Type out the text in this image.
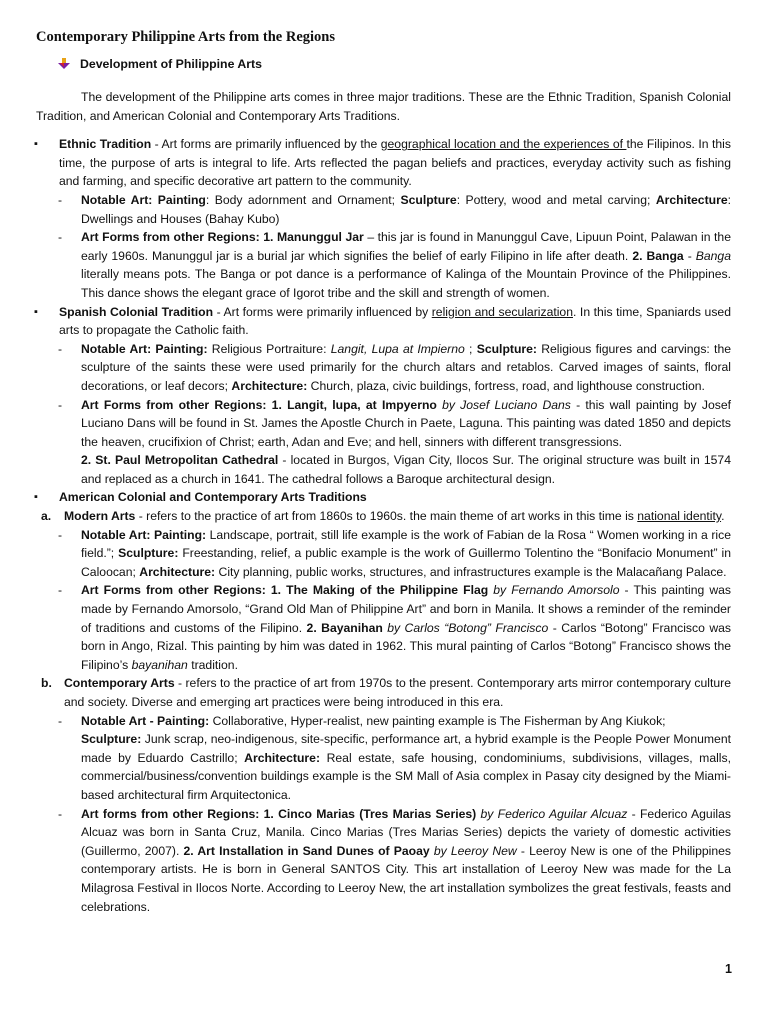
Contemporary Philippine Arts from the Regions
Development of Philippine Arts

The development of the Philippine arts comes in three major traditions. These are the Ethnic Tradition, Spanish Colonial Tradition, and American Colonial and Contemporary Arts Traditions.

▪ Ethnic Tradition - Art forms are primarily influenced by the geographical location and the experiences of the Filipinos. In this time, the purpose of arts is integral to life. Arts reflected the pagan beliefs and practices, everyday activity such as fishing and farming, and specific decorative art pattern to the community.

- Notable Art: Painting: Body adornment and Ornament; Sculpture: Pottery, wood and metal carving; Architecture: Dwellings and Houses (Bahay Kubo)

- Art Forms from other Regions: 1. Manunggul Jar – this jar is found in Manunggul Cave, Lipuun Point, Palawan in the early 1960s. Manunggul jar is a burial jar which signifies the belief of early Filipino in life after death. 2. Banga - Banga literally means pots. The Banga or pot dance is a performance of Kalinga of the Mountain Province of the Philippines. This dance shows the elegant grace of Igorot tribe and the skill and strength of women.

▪ Spanish Colonial Tradition - Art forms were primarily influenced by religion and secularization. In this time, Spaniards used arts to propagate the Catholic faith.

- Notable Art: Painting: Religious Portraiture: Langit, Lupa at Impierno ; Sculpture: Religious figures and carvings: the sculpture of the saints these were used primarily for the church altars and retablos. Carved images of saints, floral decorations, or leaf decors; Architecture: Church, plaza, civic buildings, fortress, road, and lighthouse construction.

- Art Forms from other Regions: 1. Langit, lupa, at Impyerno by Josef Luciano Dans - this wall painting by Josef Luciano Dans will be found in St. James the Apostle Church in Paete, Laguna. This painting was dated 1850 and depicts the heaven, crucifixion of Christ; earth, Adan and Eve; and hell, sinners with different transgressions.

2. St. Paul Metropolitan Cathedral - located in Burgos, Vigan City, Ilocos Sur. The original structure was built in 1574 and replaced as a church in 1641. The cathedral follows a Baroque architectural design.

▪ American Colonial and Contemporary Arts Traditions

a. Modern Arts - refers to the practice of art from 1860s to 1960s. the main theme of art works in this time is national identity.

- Notable Art: Painting: Landscape, portrait, still life example is the work of Fabian de la Rosa “ Women working in a rice field.”; Sculpture: Freestanding, relief, a public example is the work of Guillermo Tolentino the “Bonifacio Monument” in Caloocan; Architecture: City planning, public works, structures, and infrastructures example is the Malacañang Palace.

- Art Forms from other Regions: 1. The Making of the Philippine Flag by Fernando Amorsolo - This painting was made by Fernando Amorsolo, “Grand Old Man of Philippine Art” and born in Manila. It shows a reminder of the reminder of traditions and customs of the Filipino. 2. Bayanihan by Carlos “Botong” Francisco - Carlos “Botong” Francisco was born in Ango, Rizal. This painting by him was dated in 1962. This mural painting of Carlos “Botong” Francisco shows the Filipino’s bayanihan tradition.

b. Contemporary Arts - refers to the practice of art from 1970s to the present. Contemporary arts mirror contemporary culture and society. Diverse and emerging art practices were being introduced in this era.

- Notable Art - Painting: Collaborative, Hyper-realist, new painting example is The Fisherman by Ang Kiukok;
Sculpture: Junk scrap, neo-indigenous, site-specific, performance art, a hybrid example is the People Power Monument made by Eduardo Castrillo; Architecture: Real estate, safe housing, condominiums, subdivisions, villages, malls, commercial/business/convention buildings example is the SM Mall of Asia complex in Pasay city designed by the Miami-based architectural firm Arquitectonica.

- Art forms from other Regions: 1. Cinco Marias (Tres Marias Series) by Federico Aguilar Alcuaz - Federico Aguilas Alcuaz was born in Santa Cruz, Manila. Cinco Marias (Tres Marias Series) depicts the variety of domestic activities (Guillermo, 2007). 2. Art Installation in Sand Dunes of Paoay by Leeroy New - Leeroy New is one of the Philippines contemporary artists. He is born in General SANTOS City. This art installation of Leeroy New was made for the La Milagrosa Festival in Ilocos Norte. According to Leeroy New, the art installation symbolizes the great festivals, feasts and celebrations.

1
